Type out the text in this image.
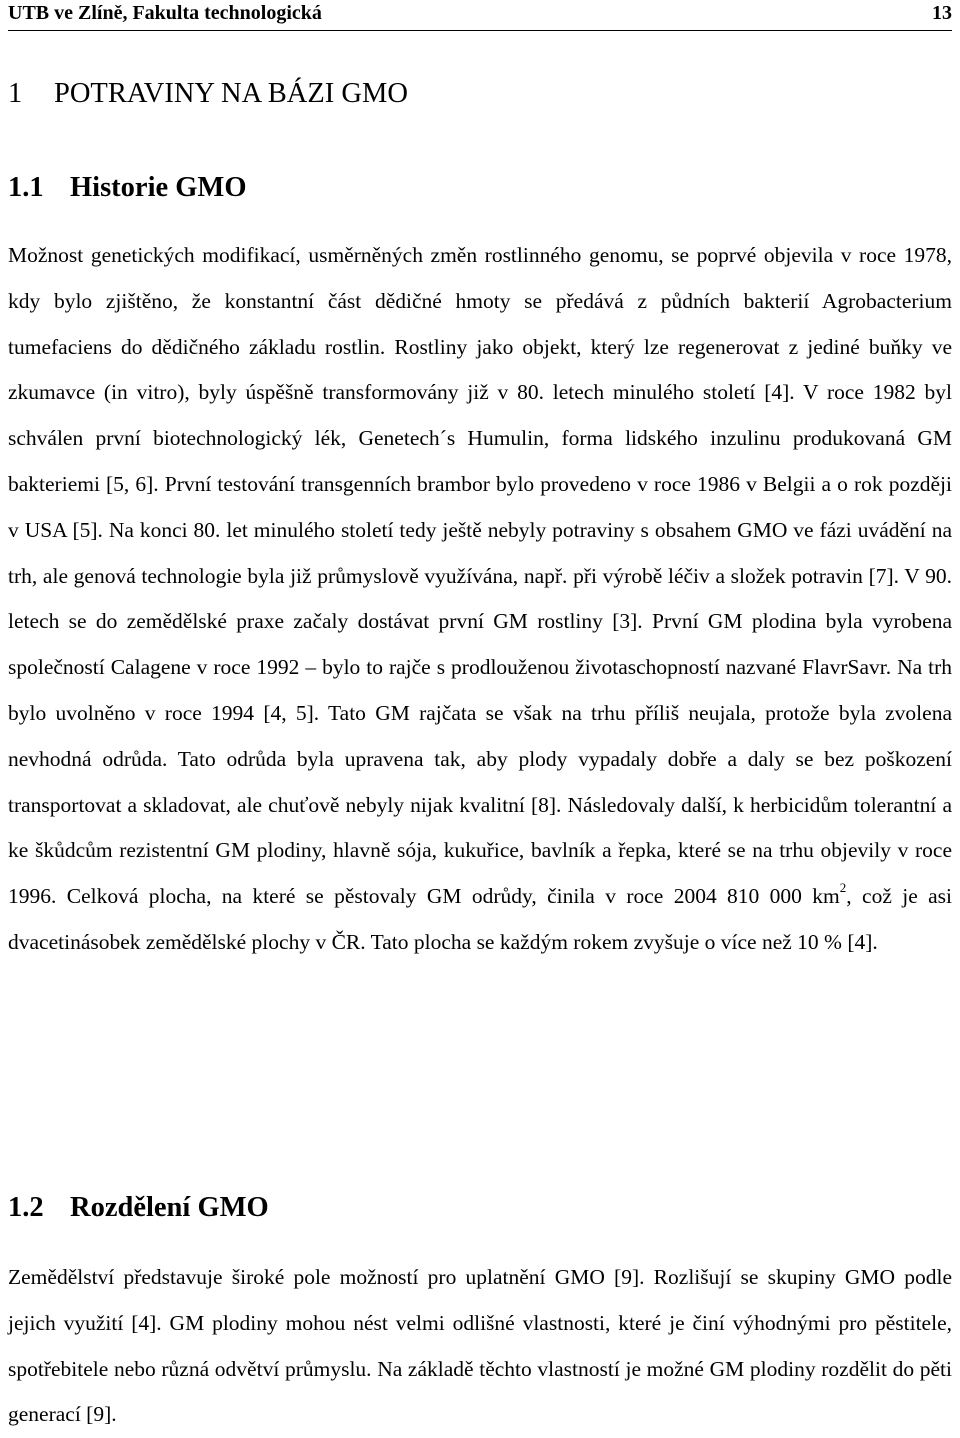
UTB ve Zlíně, Fakulta technologická	13
1 POTRAVINY NA BÁZI GMO
1.1 Historie GMO

Možnost genetických modifikací, usměrněných změn rostlinného genomu, se poprvé objevila v roce 1978, kdy bylo zjištěno, že konstantní část dědičné hmoty se předává z půdních bakterií Agrobacterium tumefaciens do dědičného základu rostlin. Rostliny jako objekt, který lze regenerovat z jediné buňky ve zkumavce (in vitro), byly úspěšně transformovány již v 80. letech minulého století [4]. V roce 1982 byl schválen první biotechnologický lék, Genetech´s Humulin, forma lidského inzulinu produkovaná GM bakteriemi [5, 6]. První testování transgenních brambor bylo provedeno v roce 1986 v Belgii a o rok později v USA [5]. Na konci 80. let minulého století tedy ještě nebyly potraviny s obsahem GMO ve fázi uvádění na trh, ale genová technologie byla již průmyslově využívána, např. při výrobě léčiv a složek potravin [7]. V 90. letech se do zemědělské praxe začaly dostávat první GM rostliny [3]. První GM plodina byla vyrobena společností Calagene v roce 1992 – bylo to rajče s prodlouženou životaschopností nazvané FlavrSavr. Na trh bylo uvolněno v roce 1994 [4, 5]. Tato GM rajčata se však na trhu příliš neujala, protože byla zvolena nevhodná odrůda. Tato odrůda byla upravena tak, aby plody vypadaly dobře a daly se bez poškození transportovat a skladovat, ale chuťově nebyly nijak kvalitní [8]. Následovaly další, k herbicidům tolerantní a ke škůdcům rezistentní GM plodiny, hlavně sója, kukuřice, bavlník a řepka, které se na trhu objevily v roce 1996. Celková plocha, na které se pěstovaly GM odrůdy, činila v roce 2004 810 000 $km^2$, což je asi dvacetinásobek zemědělské plochy v ČR. Tato plocha se každým rokem zvyšuje o více než 10 % [4].

1.2 Rozdělení GMO

Zemědělství představuje široké pole možností pro uplatnění GMO [9]. Rozlišují se skupiny GMO podle jejich využití [4]. GM plodiny mohou nést velmi odlišné vlastnosti, které je činí výhodnými pro pěstitele, spotřebitele nebo různá odvětví průmyslu. Na základě těchto vlastností je možné GM plodiny rozdělit do pěti generací [9].
